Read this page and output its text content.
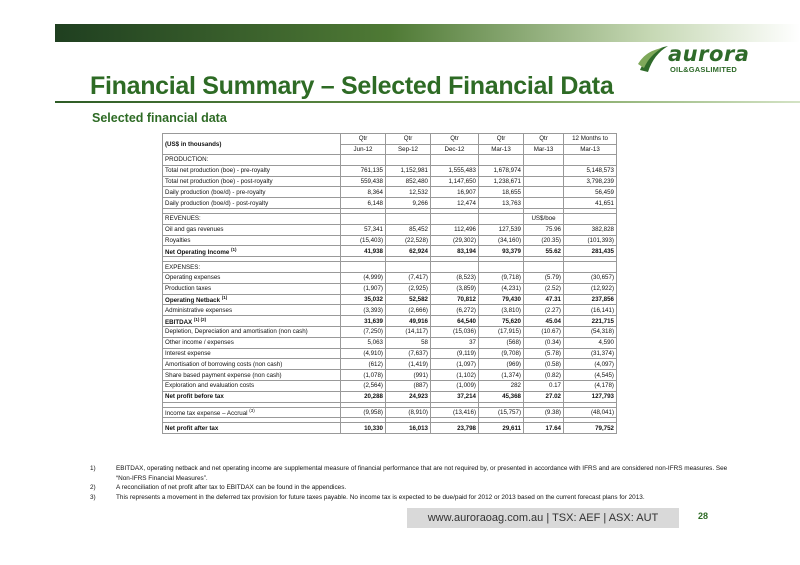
aurora
OIL&GASLIMITED
Financial Summary – Selected Financial Data
Selected financial data
(US$ in thousands)	Qtr	Qtr	Qtr	Qtr	Qtr	12 Months to
	Jun-12	Sep-12	Dec-12	Mar-13	Mar-13	Mar-13
PRODUCTION:						
Total net production (boe) - pre-royalty	761,135	1,152,981	1,555,483	1,678,974		5,148,573
Total net production (boe) - post-royalty	559,438	852,480	1,147,650	1,238,671		3,798,239
Daily production (boe/d) - pre-royalty	8,364	12,532	16,907	18,655		56,459
Daily production (boe/d) - post-royalty	6,148	9,266	12,474	13,763		41,651

REVENUES:					US$/boe	
Oil and gas revenues	57,341	85,452	112,496	127,539	75.96	382,828
Royalties	(15,403)	(22,528)	(29,302)	(34,160)	(20.35)	(101,393)
Net Operating Income $^{(1)}$	41,938	62,924	83,194	93,379	55.62	281,435

EXPENSES:						
Operating expenses	(4,999)	(7,417)	(8,523)	(9,718)	(5.79)	(30,657)
Production taxes	(1,907)	(2,925)	(3,859)	(4,231)	(2.52)	(12,922)
Operating Netback $^{(1)}$	35,032	52,582	70,812	79,430	47.31	237,856
Administrative expenses	(3,393)	(2,666)	(6,272)	(3,810)	(2.27)	(16,141)
EBITDAX $^{(1) (2)}$	31,639	49,916	64,540	75,620	45.04	221,715
Depletion, Depreciation and amortisation (non cash)	(7,250)	(14,117)	(15,036)	(17,915)	(10.67)	(54,318)
Other income / expenses	5,063	58	37	(568)	(0.34)	4,590
Interest expense	(4,910)	(7,637)	(9,119)	(9,708)	(5.78)	(31,374)
Amortisation of borrowing costs (non cash)	(612)	(1,419)	(1,097)	(969)	(0.58)	(4,097)
Share based payment expense (non cash)	(1,078)	(991)	(1,102)	(1,374)	(0.82)	(4,545)
Exploration and evaluation costs	(2,564)	(887)	(1,009)	282	0.17	(4,178)
Net profit before tax	20,288	24,923	37,214	45,368	27.02	127,793

Income tax expense – Accrual $^{(3)}$	(9,958)	(8,910)	(13,416)	(15,757)	(9.38)	(48,041)

Net profit after tax	10,330	16,013	23,798	29,611	17.64	79,752
1)	EBITDAX, operating netback and net operating income are supplemental measure of financial performance that are not required by, or presented in accordance with IFRS and are considered non-IFRS measures. See “Non-IFRS Financial Measures”.
2)	A reconciliation of net profit after tax to EBITDAX can be found in the appendices.
3)	This represents a movement in the deferred tax provision for future taxes payable. No income tax is expected to be due/paid for 2012 or 2013 based on the current forecast plans for 2013.
www.auroraoag.com.au | TSX: AEF | ASX: AUT	28
